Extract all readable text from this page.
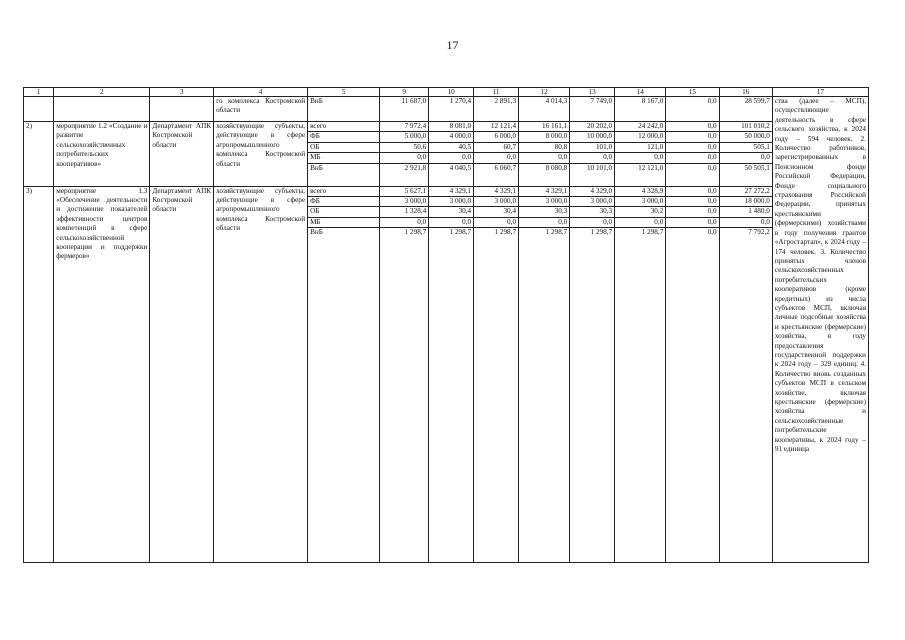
17
1	2	3	4	5	9	10	11	12	13	14	15	16	17
			го комплекса Костромской области	ВнБ	11 687,0	1 270,4	2 891,3	4 014,3	7 749,0	8 167,0	0,0	28 599,7	ства (далее – МСП), осуществляющие деятельность в сфере сельского хозяйства, к 2024 году – 594 человек. 2. Количество работников, зарегистрированных в Пенсионном фонде Российской Федерации, Фонде социального страхования Российской Федерации, принятых крестьянскими (фермерскими) хозяйствами в году получения грантов «Агростартап», к 2024 году – 174 человек. 3. Количество принятых членов сельскохозяйственных потребительских кооперативов (кроме кредитных) из числа субъектов МСП, включая личные подсобные хозяйства и крестьянские (фермерские) хозяйства, в году предоставления государственной поддержки к 2024 году – 329 единиц. 4. Количество вновь созданных субъектов МСП в сельском хозяйстве, включая крестьянские (фермерские) хозяйства и сельскохозяйственные потребительские кооперативы, к 2024 году – 91 единица
2)	мероприятие 1.2 «Создание и развитие сельскохозяйственных потребительских кооперативов»	Департамент АПК Костромской области	хозяйствующие субъекты, действующие в сфере агропромышленного комплекса Костромской области	всего	7 972,4	8 081,0	12 121,4	16 161,1	20 202,0	24 242,0	0,0	101 010,2	
				ФБ	5 000,0	4 000,0	6 000,0	8 000,0	10 000,0	12 000,0	0,0	50 000,0	
				ОБ	50,6	40,5	60,7	80,8	101,0	121,0	0,0	505,1	
				МБ	0,0	0,0	0,0	0,0	0,0	0,0	0,0	0,0	
				ВнБ	2 921,8	4 040,5	6 060,7	8 080,8	10 101,0	12 121,0	0,0	50 505,1	
3)	мероприятие 1.3 «Обеспечение деятельности и достижение показателей эффективности центров компетенций в сфере сельскохозяйственной кооперации и поддержки фермеров»	Департамент АПК Костромской области	хозяйствующие субъекты, действующие в сфере агропромышленного комплекса Костромской области	всего	5 627,1	4 329,1	4 329,1	4 329,1	4 329,0	4 328,9	0,0	27 272,2	
				ФБ	3 000,0	3 000,0	3 000,0	3 000,0	3 000,0	3 000,0	0,0	18 000,0	
				ОБ	1 328,4	30,4	30,4	30,3	30,3	30,2	0,0	1 480,0	
				МБ	0,0	0,0	0,0	0,0	0,0	0,0	0,0	0,0	
				ВнБ	1 298,7	1 298,7	1 298,7	1 298,7	1 298,7	1 298,7	0,0	7 792,2	
